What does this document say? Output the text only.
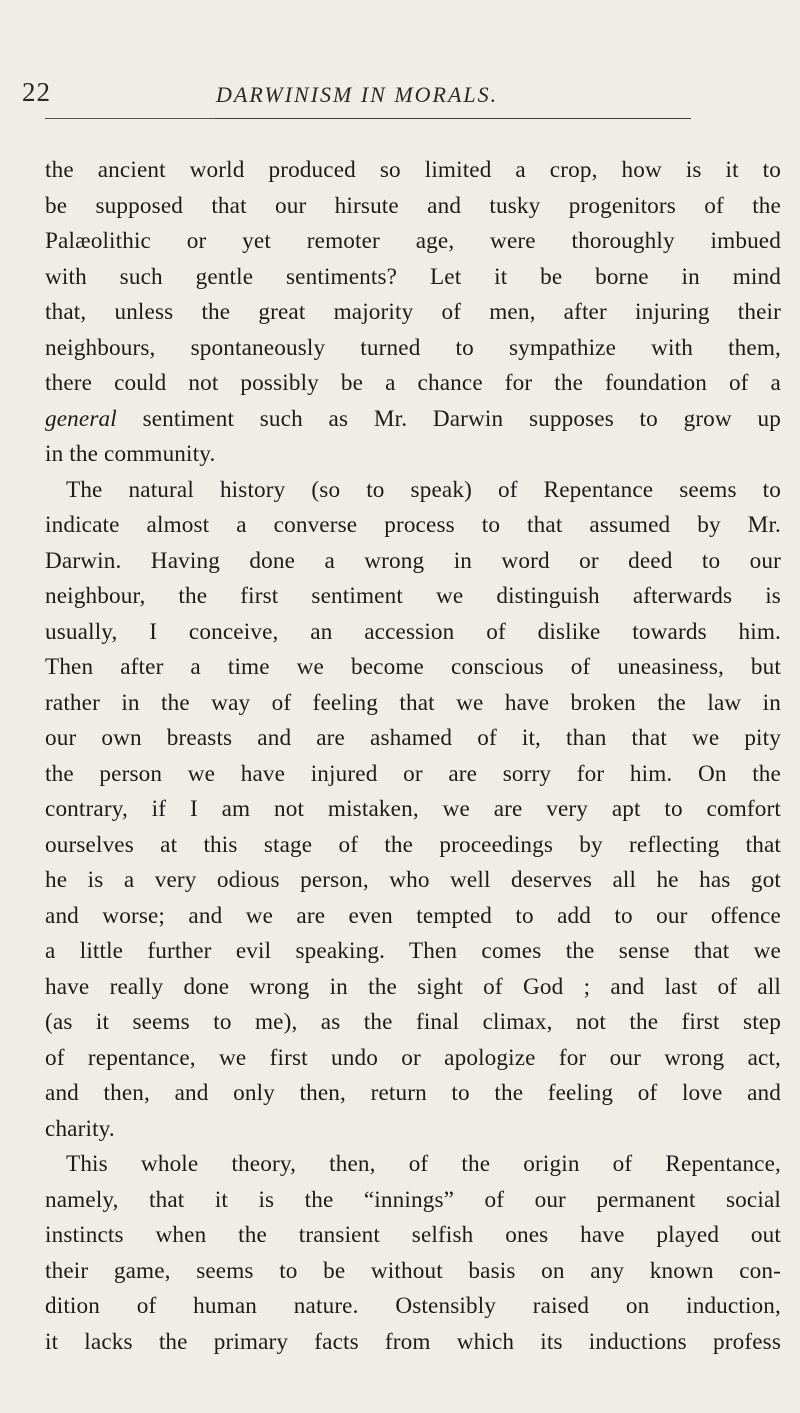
22	DARWINISM IN MORALS.
the ancient world produced so limited a crop, how is it to
be supposed that our hirsute and tusky progenitors of the
Palæolithic or yet remoter age, were thoroughly imbued
with such gentle sentiments? Let it be borne in mind
that, unless the great majority of men, after injuring their
neighbours, spontaneously turned to sympathize with them,
there could not possibly be a chance for the foundation of a
general sentiment such as Mr. Darwin supposes to grow up
in the community.
The natural history (so to speak) of Repentance seems to
indicate almost a converse process to that assumed by Mr.
Darwin. Having done a wrong in word or deed to our
neighbour, the first sentiment we distinguish afterwards is
usually, I conceive, an accession of dislike towards him.
Then after a time we become conscious of uneasiness, but
rather in the way of feeling that we have broken the law in
our own breasts and are ashamed of it, than that we pity
the person we have injured or are sorry for him. On the
contrary, if I am not mistaken, we are very apt to comfort
ourselves at this stage of the proceedings by reflecting that
he is a very odious person, who well deserves all he has got
and worse; and we are even tempted to add to our offence
a little further evil speaking. Then comes the sense that we
have really done wrong in the sight of God ; and last of all
(as it seems to me), as the final climax, not the first step
of repentance, we first undo or apologize for our wrong act,
and then, and only then, return to the feeling of love and
charity.
This whole theory, then, of the origin of Repentance,
namely, that it is the “innings” of our permanent social
instincts when the transient selfish ones have played out
their game, seems to be without basis on any known con-
dition of human nature. Ostensibly raised on induction,
it lacks the primary facts from which its inductions profess
